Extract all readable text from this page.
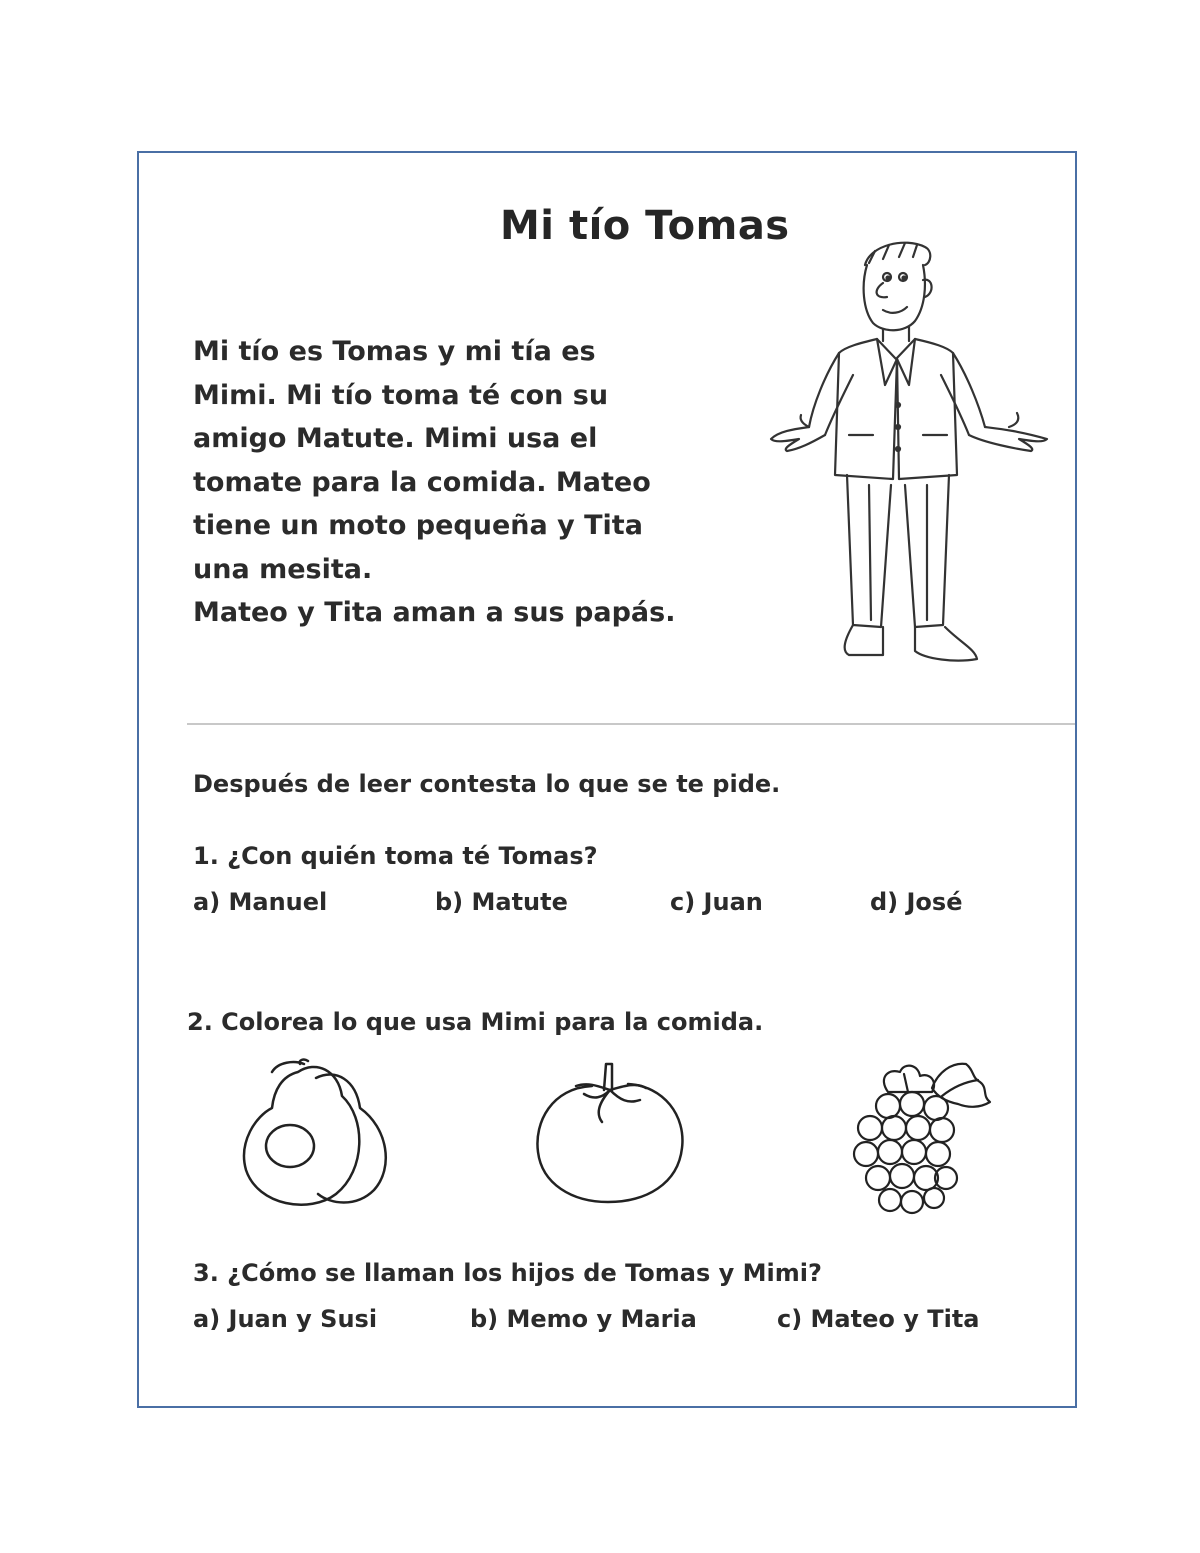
Mi tío Tomas

Mi tío es Tomas y mi tía es

Mimi. Mi tío toma té con su

amigo Matute. Mimi usa el

tomate para la comida. Mateo

tiene un moto pequeña y Tita

una mesita.

Mateo y Tita aman a sus papás.

Después de leer contesta lo que se te pide.
1. ¿Con quién toma té Tomas?
a) Manuel	b) Matute	c) Juan	d) José
2. Colorea lo que usa Mimi para la comida.
3. ¿Cómo se llaman los hijos de Tomas y Mimi?
a) Juan y Susi	b) Memo y Maria	c) Mateo y Tita
